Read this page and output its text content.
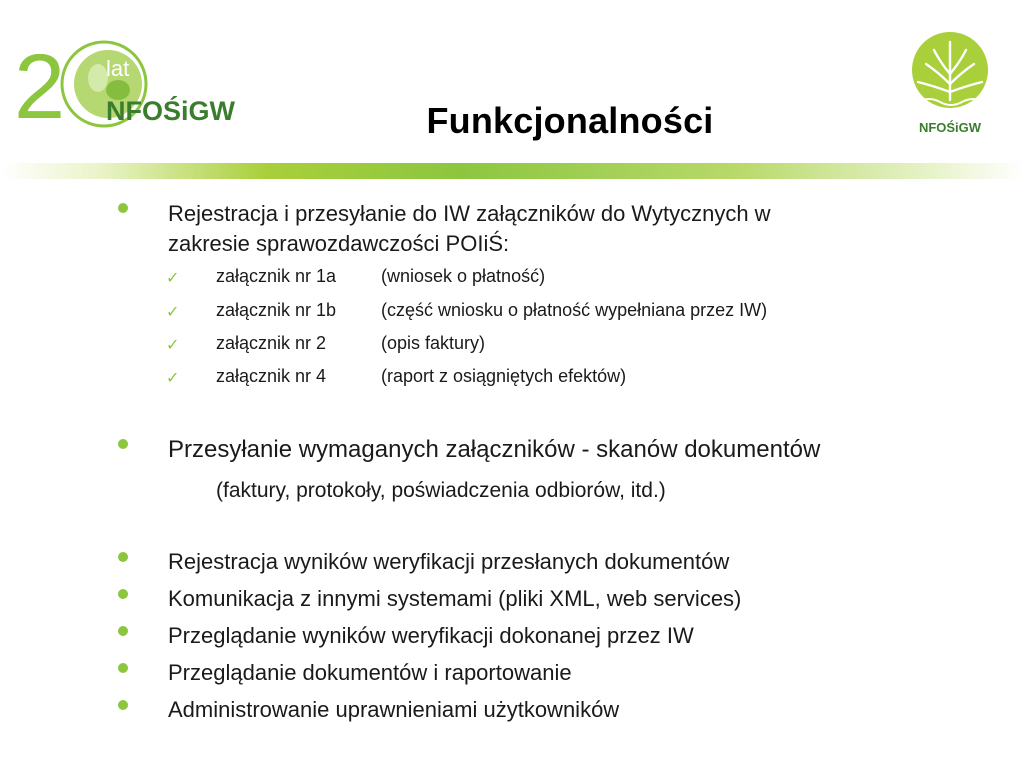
2 lat
NFOŚiGW
NFOŚiGW
Funkcjonalności
Rejestracja i przesyłanie do IW załączników do Wytycznych w
zakresie sprawozdawczości POIiŚ:
✓ załącznik nr 1a (wniosek o płatność)
✓ załącznik nr 1b (część wniosku o płatność wypełniana przez IW)
✓ załącznik nr 2	(opis faktury)
✓ załącznik nr 4	(raport z osiągniętych efektów)
Przesyłanie wymaganych załączników - skanów dokumentów
(faktury, protokoły, poświadczenia odbiorów, itd.)
Rejestracja wyników weryfikacji przesłanych dokumentów
Komunikacja z innymi systemami (pliki XML, web services)
Przeglądanie wyników weryfikacji dokonanej przez IW
Przeglądanie dokumentów i raportowanie
Administrowanie uprawnieniami użytkowników
